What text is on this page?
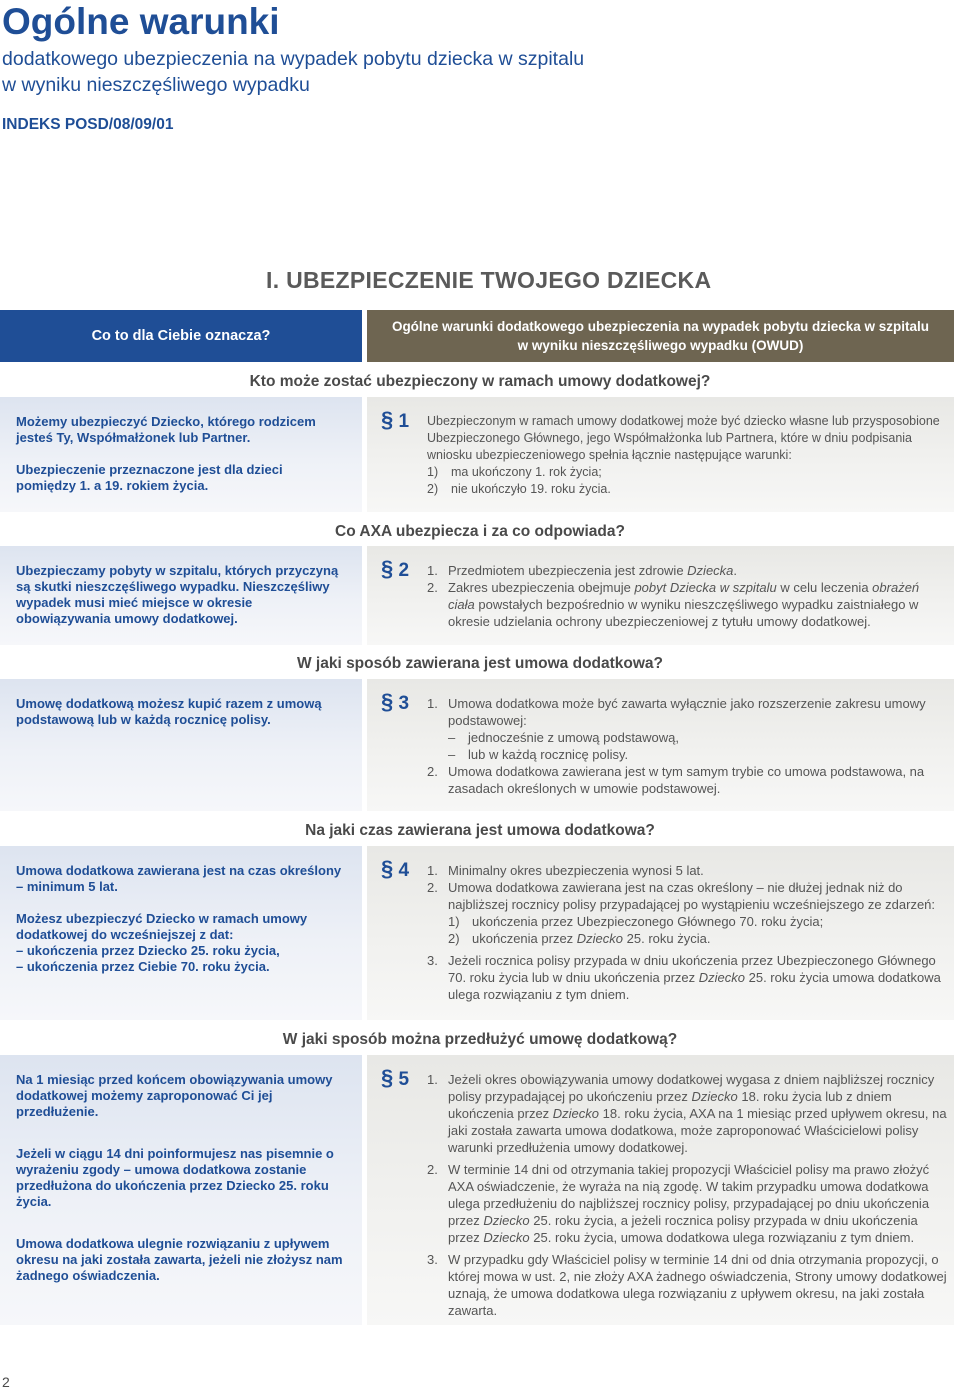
Ogólne warunki
dodatkowego ubezpieczenia na wypadek pobytu dziecka w szpitalu
w wyniku nieszczęśliwego wypadku
INDEKS POSD/08/09/01
I. UBEZPIECZENIE TWOJEGO DZIECKA
Co to dla Ciebie oznacza?
Ogólne warunki dodatkowego ubezpieczenia na wypadek pobytu dziecka w szpitalu
w wyniku nieszczęśliwego wypadku (OWUD)
Kto może zostać ubezpieczony w ramach umowy dodatkowej?

Możemy ubezpieczyć Dziecko, którego rodzicem jesteś Ty, Współmałżonek lub Partner.

Ubezpieczenie przeznaczone jest dla dzieci pomiędzy 1. a 19. rokiem życia.

§ 1 Ubezpieczonym w ramach umowy dodatkowej może być dziecko własne lub przysposobione Ubezpieczonego Głównego, jego Współmałżonka lub Partnera, które w dniu podpisania wniosku ubezpieczeniowego spełnia łącznie następujące warunki:
1)	ma ukończony 1. rok życia;
2)	nie ukończyło 19. roku życia.
Co AXA ubezpiecza i za co odpowiada?

Ubezpieczamy pobyty w szpitalu, których przyczyną są skutki nieszczęśliwego wypadku. Nieszczęśliwy wypadek musi mieć miejsce w okresie obowiązywania umowy dodatkowej.

§ 2 1. Przedmiotem ubezpieczenia jest zdrowie Dziecka.
2. Zakres ubezpieczenia obejmuje pobyt Dziecka w szpitalu w celu leczenia obrażeń ciała powstałych bezpośrednio w wyniku nieszczęśliwego wypadku zaistniałego w okresie udzielania ochrony ubezpieczeniowej z tytułu umowy dodatkowej.
W jaki sposób zawierana jest umowa dodatkowa?

Umowę dodatkową możesz kupić razem z umową podstawową lub w każdą rocznicę polisy.

§ 3 1. Umowa dodatkowa może być zawarta wyłącznie jako rozszerzenie zakresu umowy podstawowej:
– jednocześnie z umową podstawową,
– lub w każdą rocznicę polisy.
2. Umowa dodatkowa zawierana jest w tym samym trybie co umowa podstawowa, na zasadach określonych w umowie podstawowej.
Na jaki czas zawierana jest umowa dodatkowa?

Umowa dodatkowa zawierana jest na czas określony – minimum 5 lat.

Możesz ubezpieczyć Dziecko w ramach umowy dodatkowej do wcześniejszej z dat:

– ukończenia przez Dziecko 25. roku życia,

– ukończenia przez Ciebie 70. roku życia.

§ 4 1. Minimalny okres ubezpieczenia wynosi 5 lat.
2. Umowa dodatkowa zawierana jest na czas określony – nie dłużej jednak niż do najbliższej rocznicy polisy przypadającej po wystąpieniu wcześniejszego ze zdarzeń:
1) ukończenia przez Ubezpieczonego Głównego 70. roku życia;
2) ukończenia przez Dziecko 25. roku życia.
3. Jeżeli rocznica polisy przypada w dniu ukończenia przez Ubezpieczonego Głównego 70. roku życia lub w dniu ukończenia przez Dziecko 25. roku życia umowa dodatkowa ulega rozwiązaniu z tym dniem.
W jaki sposób można przedłużyć umowę dodatkową?

Na 1 miesiąc przed końcem obowiązywania umowy dodatkowej możemy zaproponować Ci jej przedłużenie.

Jeżeli w ciągu 14 dni poinformujesz nas pisemnie o wyrażeniu zgody – umowa dodatkowa zostanie przedłużona do ukończenia przez Dziecko 25. roku życia.

Umowa dodatkowa ulegnie rozwiązaniu z upływem okresu na jaki została zawarta, jeżeli nie złożysz nam żadnego oświadczenia.

§ 5 1. Jeżeli okres obowiązywania umowy dodatkowej wygasa z dniem najbliższej rocznicy polisy przypadającej po ukończeniu przez Dziecko 18. roku życia lub z dniem ukończenia przez Dziecko 18. roku życia, AXA na 1 miesiąc przed upływem okresu, na jaki została zawarta umowa dodatkowa, może zaproponować Właścicielowi polisy warunki przedłużenia umowy dodatkowej.
2. W terminie 14 dni od otrzymania takiej propozycji Właściciel polisy ma prawo złożyć AXA oświadczenie, że wyraża na nią zgodę. W takim przypadku umowa dodatkowa ulega przedłużeniu do najbliższej rocznicy polisy, przypadającej po dniu ukończenia przez Dziecko 25. roku życia, a jeżeli rocznica polisy przypada w dniu ukończenia przez Dziecko 25. roku życia, umowa dodatkowa ulega rozwiązaniu z tym dniem.
3. W przypadku gdy Właściciel polisy w terminie 14 dni od dnia otrzymania propozycji, o której mowa w ust. 2, nie złoży AXA żadnego oświadczenia, Strony umowy dodatkowej uznają, że umowa dodatkowa ulega rozwiązaniu z upływem okresu, na jaki została zawarta.
2
